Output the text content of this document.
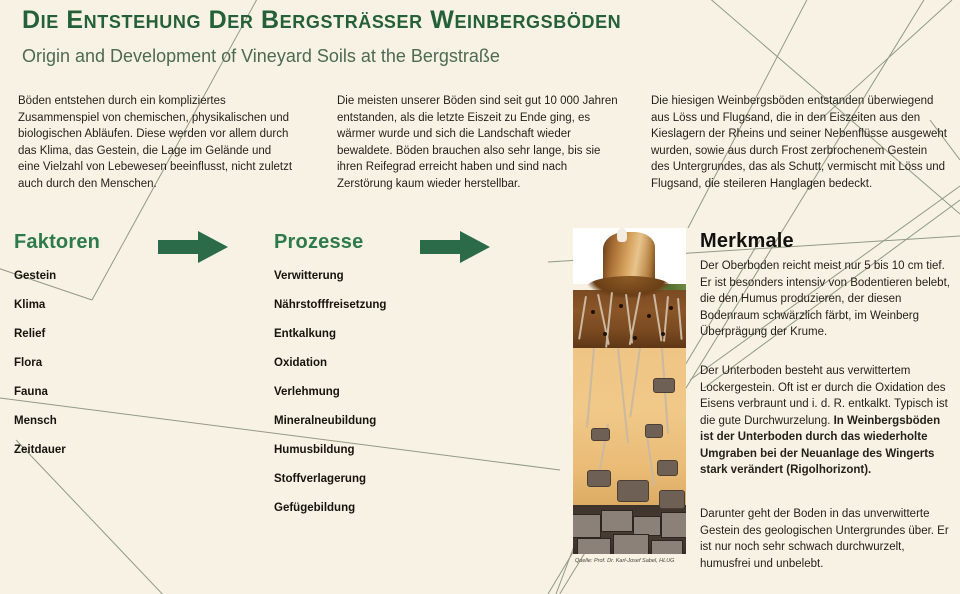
Die Entstehung Der Bergsträßer Weinbergsböden
Origin and Development of Vineyard Soils at the Bergstraße
Böden entstehen durch ein kompliziertes Zusammenspiel von chemischen, physikalischen und biologischen Abläufen. Diese werden vor allem durch das Klima, das Gestein, die Lage im Gelände und eine Vielzahl von Lebewesen beeinflusst, nicht zuletzt auch durch den Menschen.
Die meisten unserer Böden sind seit gut 10 000 Jahren entstanden, als die letzte Eiszeit zu Ende ging, es wärmer wurde und sich die Landschaft wieder bewaldete. Böden brauchen also sehr lange, bis sie ihren Reifegrad erreicht haben und sind nach Zerstörung kaum wieder herstellbar.
Die hiesigen Weinbergsböden entstanden überwiegend aus Löss und Flugsand, die in den Eiszeiten aus den Kieslagern der Rheins und seiner Nebenflüsse ausgeweht wurden, sowie aus durch Frost zerbrochenem Gestein des Untergrundes, das als Schutt, vermischt mit Löss und Flugsand, die steileren Hanglagen bedeckt.
Faktoren
Gestein
Klima
Relief
Flora
Fauna
Mensch
Zeitdauer
Prozesse
Verwitterung
Nährstofffreisetzung
Entkalkung
Oxidation
Verlehmung
Mineralneubildung
Humusbildung
Stoffverlagerung
Gefügebildung
Quelle: Prof. Dr. Karl-Josef Sabel, HLUG
Merkmale
Der Oberboden reicht meist nur 5 bis 10 cm tief. Er ist besonders intensiv von Bodentieren belebt, die den Humus produzieren, der diesen Bodenraum schwärzlich färbt, im Weinberg Überprägung der Krume.
Der Unterboden besteht aus verwittertem Lockergestein. Oft ist er durch die Oxidation des Eisens verbraunt und i. d. R. entkalkt. Typisch ist die gute Durchwurzelung. In Weinbergsböden ist der Unterboden durch das wiederholte Umgraben bei der Neuanlage des Wingerts stark verändert (Rigolhorizont).
Darunter geht der Boden in das unverwitterte Gestein des geologischen Untergrundes über. Er ist nur noch sehr schwach durchwurzelt, humusfrei und unbelebt.
